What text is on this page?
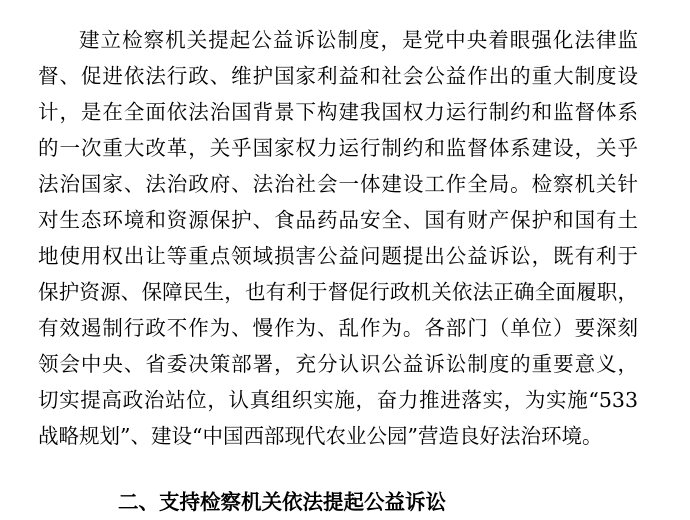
建立检察机关提起公益诉讼制度，是党中央着眼强化法律监
督、促进依法行政、维护国家利益和社会公益作出的重大制度设
计，是在全面依法治国背景下构建我国权力运行制约和监督体系
的一次重大改革，关乎国家权力运行制约和监督体系建设，关乎
法治国家、法治政府、法治社会一体建设工作全局。检察机关针
对生态环境和资源保护、食品药品安全、国有财产保护和国有土
地使用权出让等重点领域损害公益问题提出公益诉讼，既有利于
保护资源、保障民生，也有利于督促行政机关依法正确全面履职，
有效遏制行政不作为、慢作为、乱作为。各部门（单位）要深刻
领会中央、省委决策部署，充分认识公益诉讼制度的重要意义，
切实提高政治站位，认真组织实施，奋力推进落实，为实施“533
战略规划”、建设“中国西部现代农业公园”营造良好法治环境。
二、支持检察机关依法提起公益诉讼
